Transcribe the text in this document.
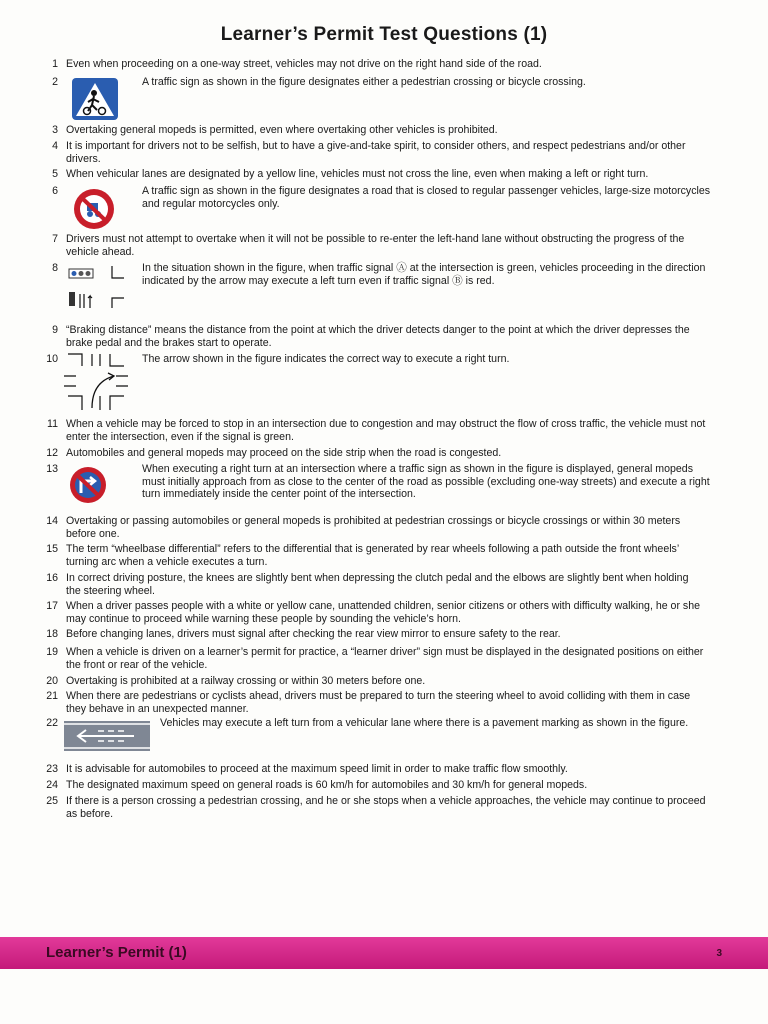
Learner’s Permit Test Questions (1)
1 Even when proceeding on a one-way street, vehicles may not drive on the right hand side of the road.
2	A traffic sign as shown in the figure designates either a pedestrian crossing or bicycle crossing.
3 Overtaking general mopeds is permitted, even where overtaking other vehicles is prohibited.
4 It is important for drivers not to be selfish, but to have a give-and-take spirit, to consider others, and respect pedestrians and/or other drivers.
5 When vehicular lanes are designated by a yellow line, vehicles must not cross the line, even when making a left or right turn.
6	A traffic sign as shown in the figure designates a road that is closed to regular passenger vehicles, large-size motorcycles and regular motorcycles only.
7 Drivers must not attempt to overtake when it will not be possible to re-enter the left-hand lane without obstructing the progress of the vehicle ahead.
8	In the situation shown in the figure, when traffic signal Ⓐ at the intersection is green, vehicles proceeding in the direction indicated by the arrow may execute a left turn even if traffic signal Ⓑ is red.
9 “Braking distance” means the distance from the point at which the driver detects danger to the point at which the driver depresses the brake pedal and the brakes start to operate.
10	The arrow shown in the figure indicates the correct way to execute a right turn.
11 When a vehicle may be forced to stop in an intersection due to congestion and may obstruct the flow of cross traffic, the vehicle must not enter the intersection, even if the signal is green.
12 Automobiles and general mopeds may proceed on the side strip when the road is congested.
13	When executing a right turn at an intersection where a traffic sign as shown in the figure is displayed, general mopeds must initially approach from as close to the center of the road as possible (excluding one-way streets) and execute a right turn immediately inside the center point of the intersection.
14 Overtaking or passing automobiles or general mopeds is prohibited at pedestrian crossings or bicycle crossings or within 30 meters before one.
15 The term “wheelbase differential” refers to the differential that is generated by rear wheels following a path outside the front wheels’ turning arc when a vehicle executes a turn.
16 In correct driving posture, the knees are slightly bent when depressing the clutch pedal and the elbows are slightly bent when holding the steering wheel.
17 When a driver passes people with a white or yellow cane, unattended children, senior citizens or others with difficulty walking, he or she may continue to proceed while warning these people by sounding the vehicle’s horn.
18 Before changing lanes, drivers must signal after checking the rear view mirror to ensure safety to the rear.
19 When a vehicle is driven on a learner’s permit for practice, a “learner driver” sign must be displayed in the designated positions on either the front or rear of the vehicle.
20 Overtaking is prohibited at a railway crossing or within 30 meters before one.
21 When there are pedestrians or cyclists ahead, drivers must be prepared to turn the steering wheel to avoid colliding with them in case they behave in an unexpected manner.
22	Vehicles may execute a left turn from a vehicular lane where there is a pavement marking as shown in the figure.
23 It is advisable for automobiles to proceed at the maximum speed limit in order to make traffic flow smoothly.
24 The designated maximum speed on general roads is 60 km/h for automobiles and 30 km/h for general mopeds.
25 If there is a person crossing a pedestrian crossing, and he or she stops when a vehicle approaches, the vehicle may continue to proceed as before.
Learner’s Permit (1)	3
